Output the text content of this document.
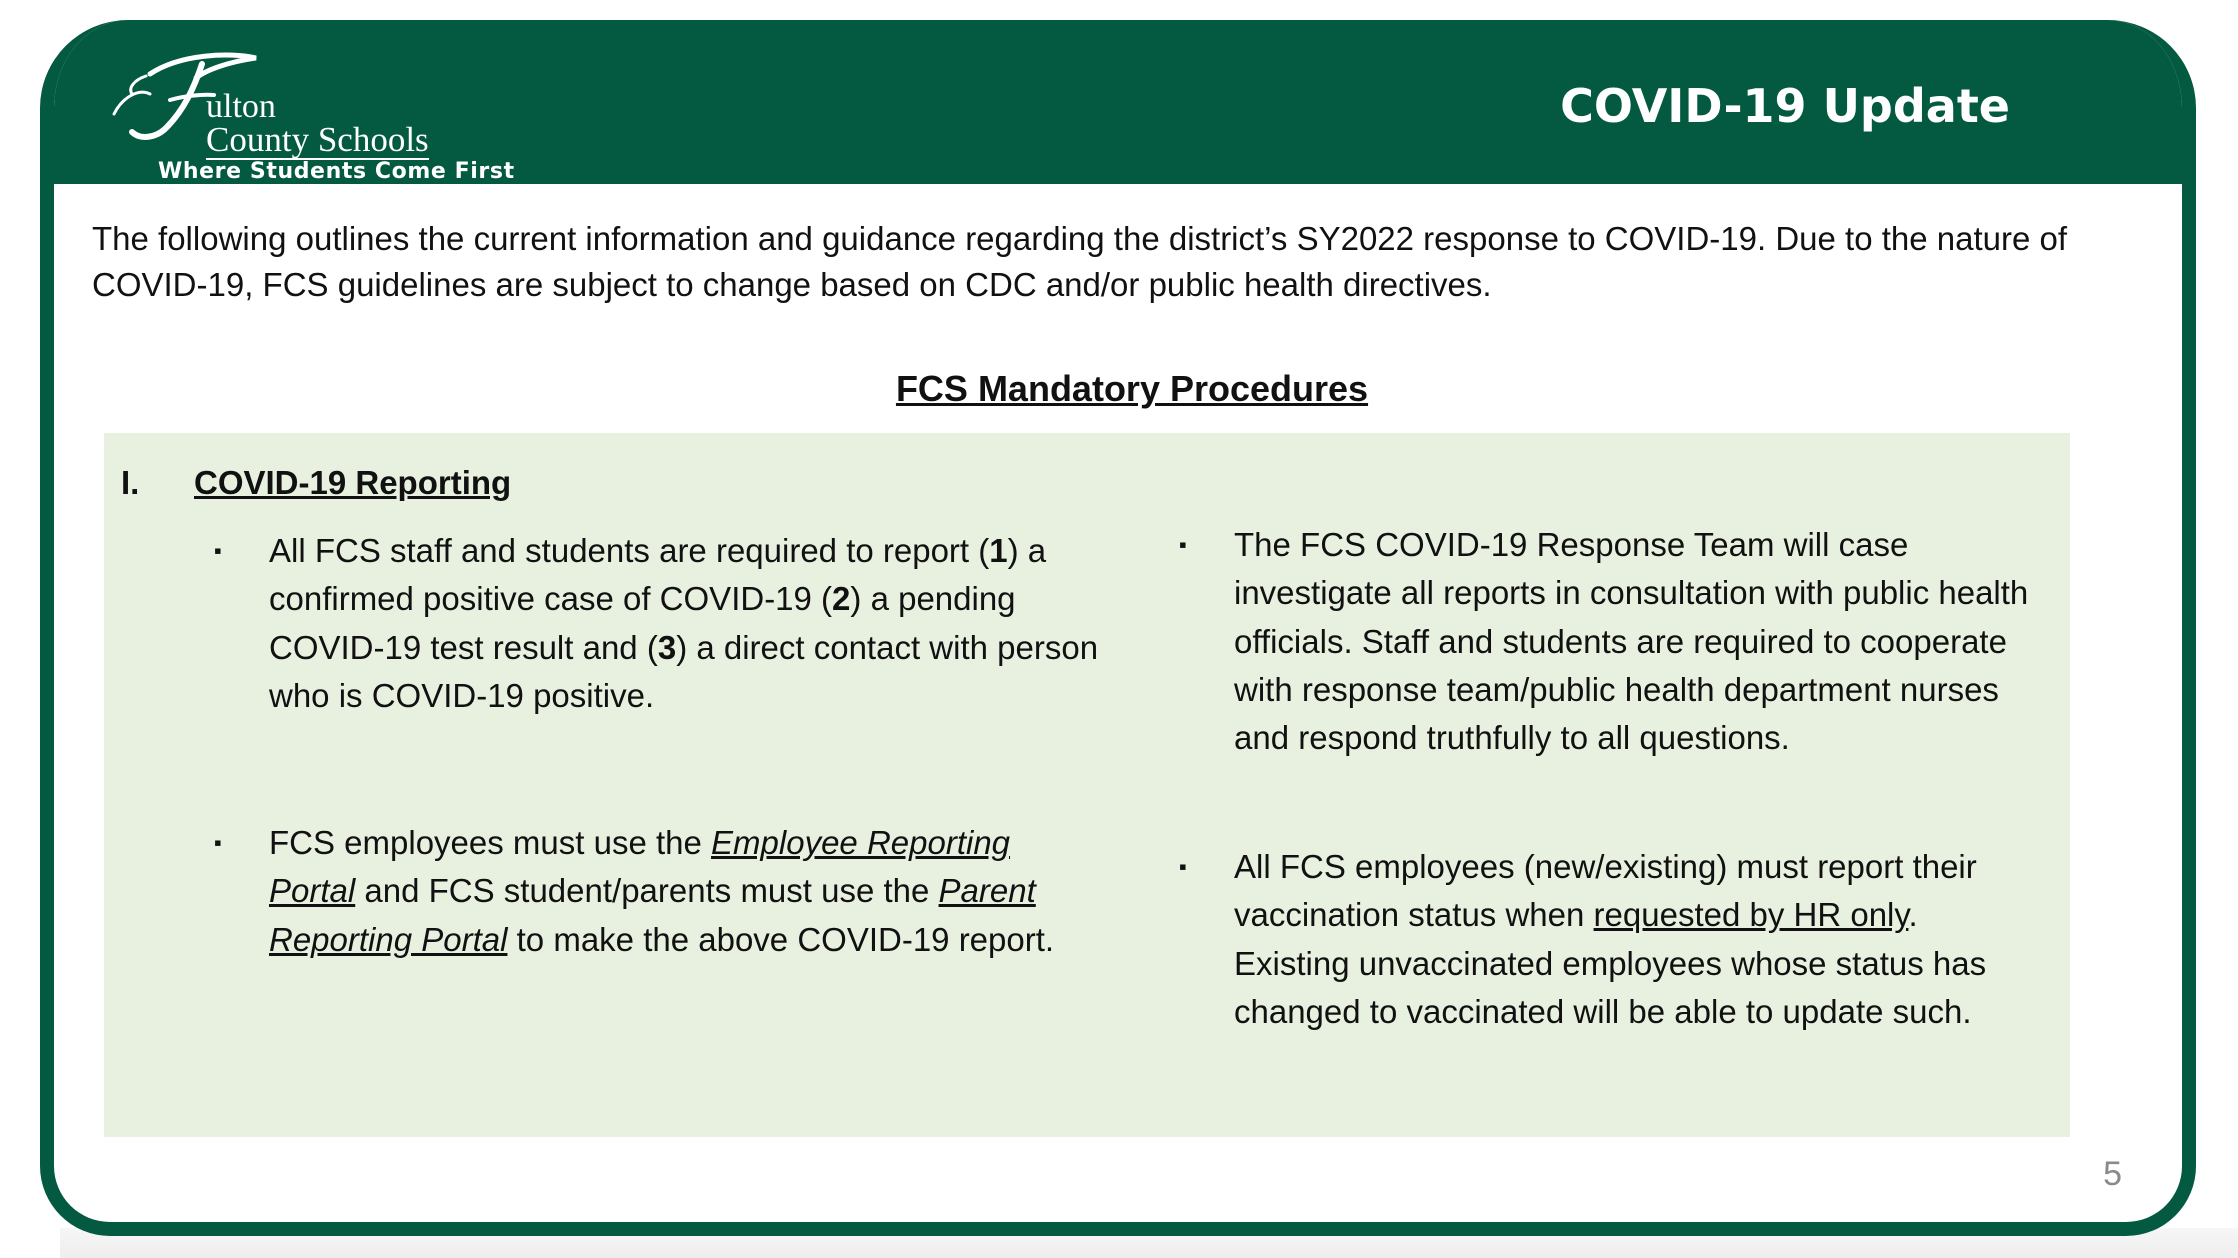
ulton
County Schools
Where Students Come First
COVID-19 Update
The following outlines the current information and guidance regarding the district’s SY2022 response to COVID-19. Due to the nature of COVID-19, FCS guidelines are subject to change based on CDC and/or public health directives.
FCS Mandatory Procedures
I. COVID-19 Reporting
▪ All FCS staff and students are required to report (1) a confirmed positive case of COVID-19 (2) a pending COVID-19 test result and (3) a direct contact with person who is COVID-19 positive.
▪ FCS employees must use the Employee Reporting Portal and FCS student/parents must use the Parent Reporting Portal to make the above COVID-19 report.
▪ The FCS COVID-19 Response Team will case investigate all reports in consultation with public health officials. Staff and students are required to cooperate with response team/public health department nurses and respond truthfully to all questions.
▪ All FCS employees (new/existing) must report their vaccination status when requested by HR only. Existing unvaccinated employees whose status has changed to vaccinated will be able to update such.
5
